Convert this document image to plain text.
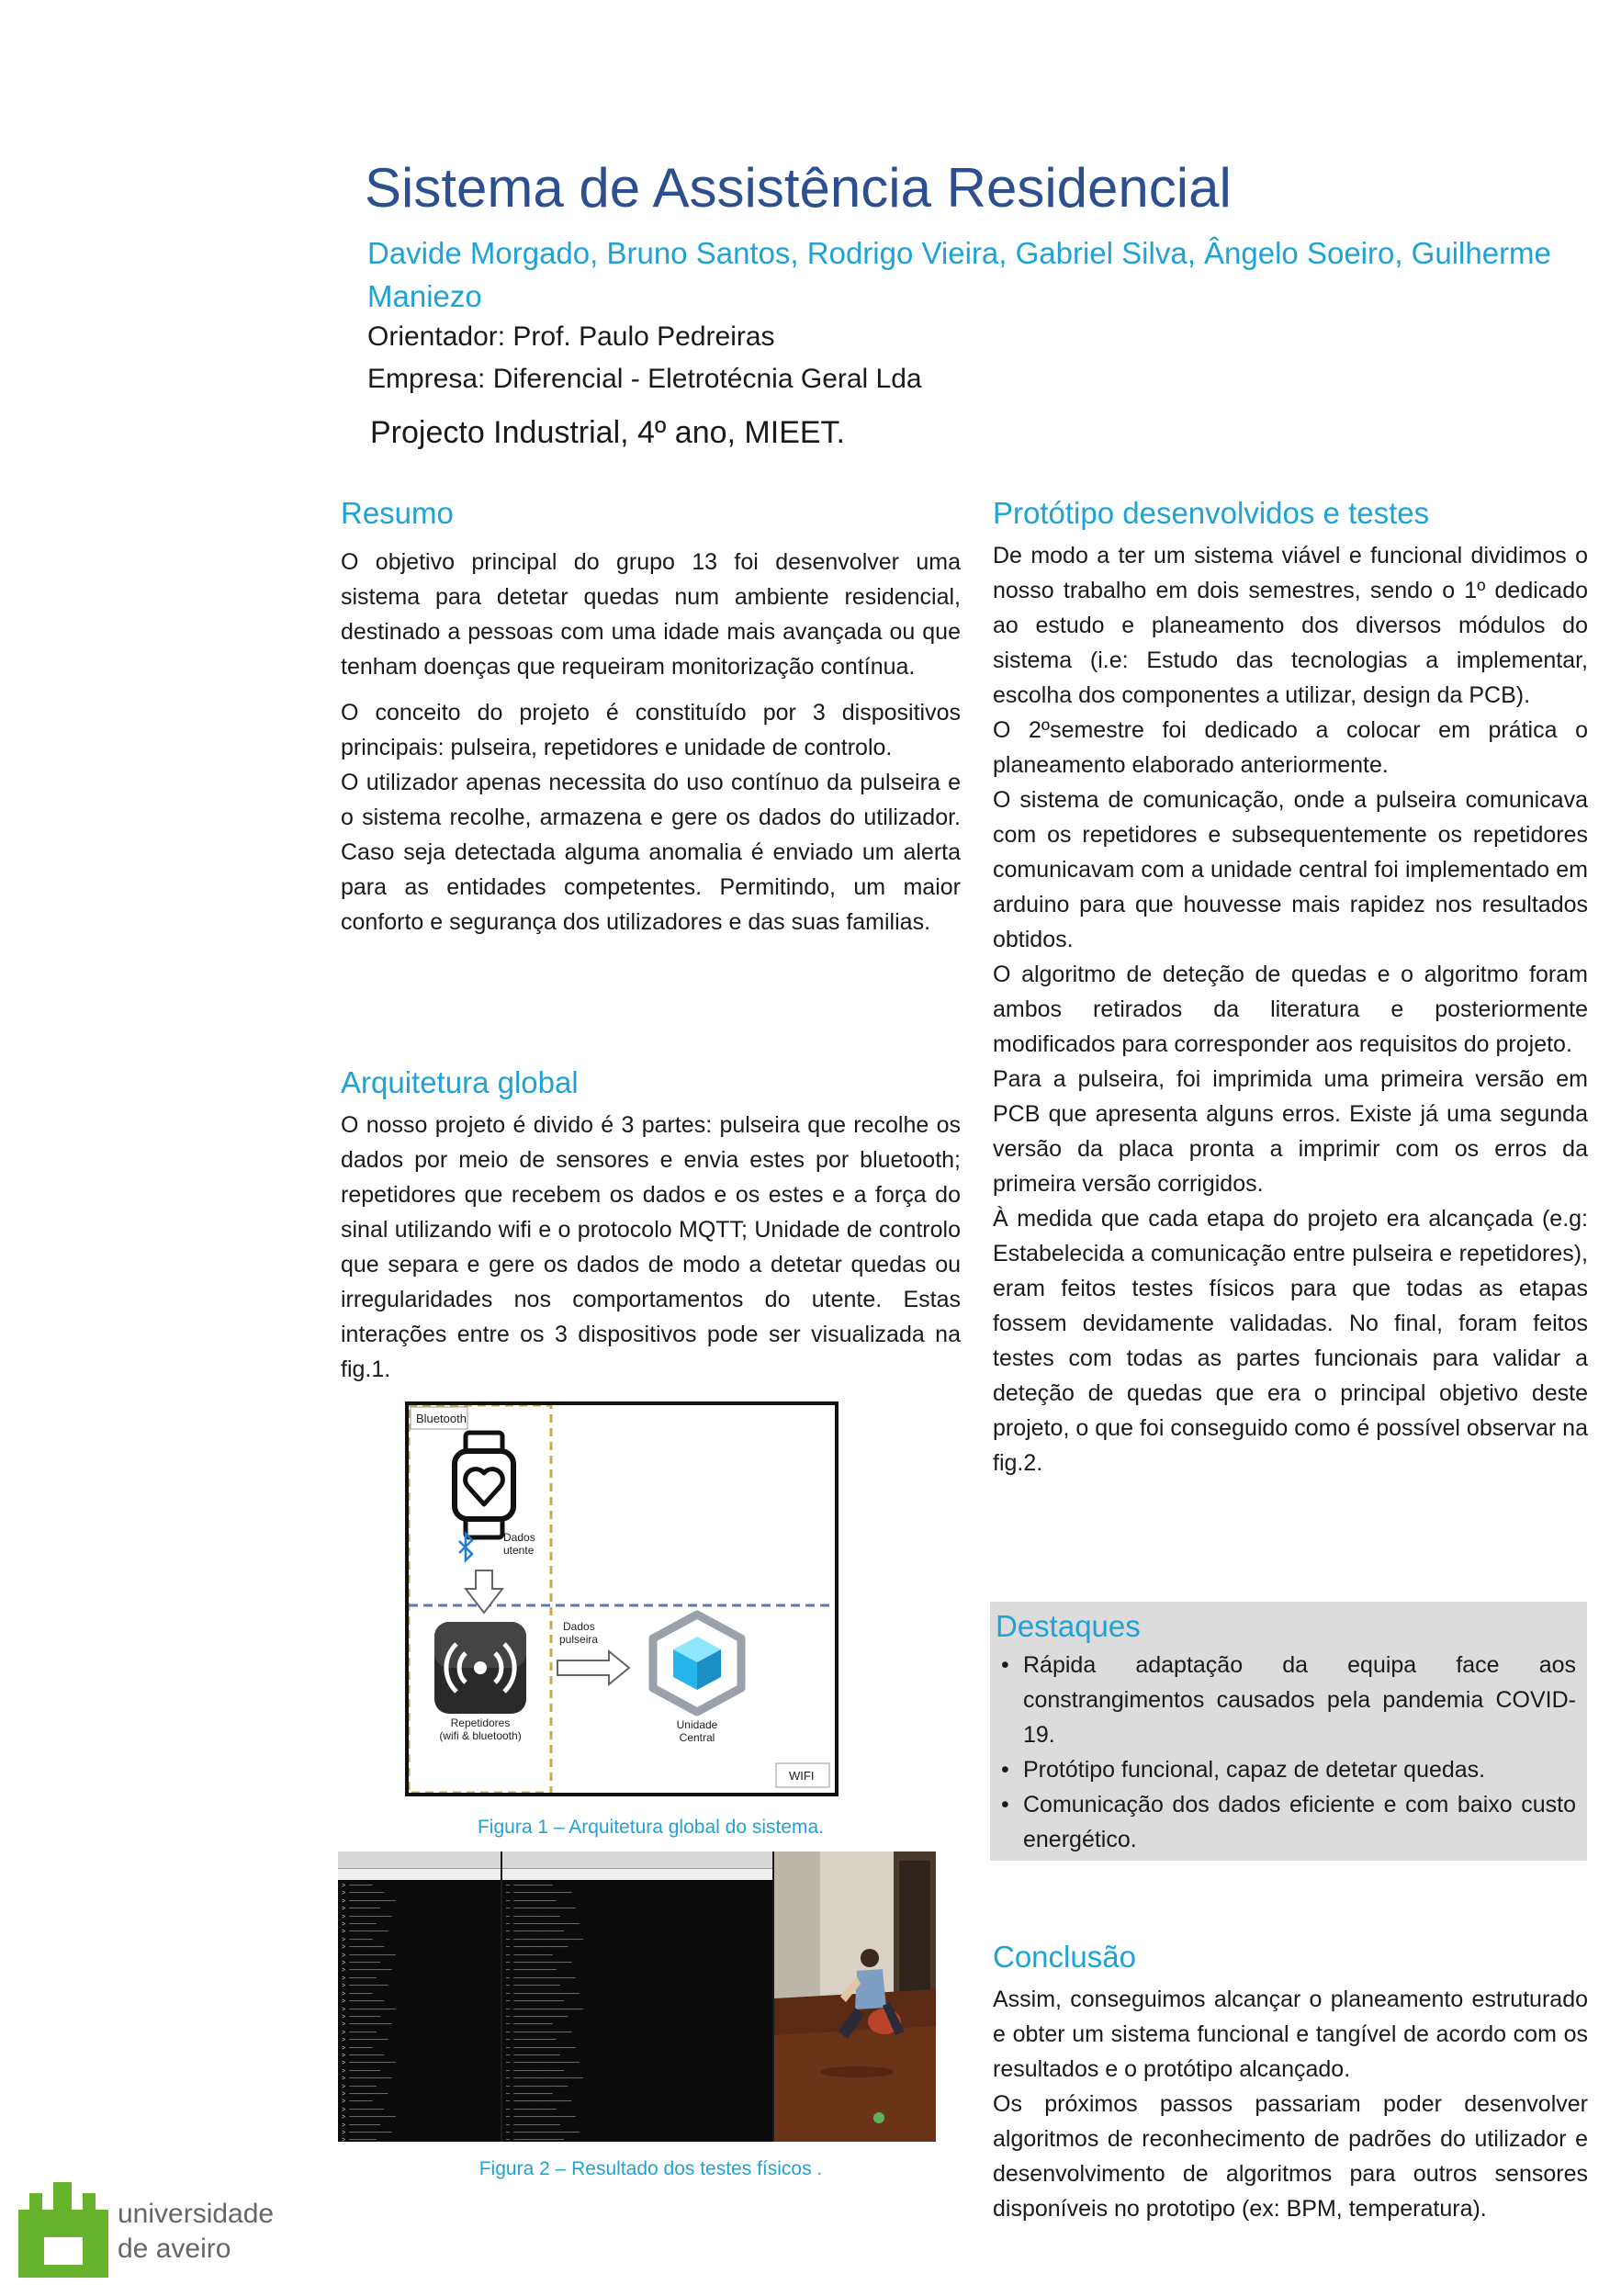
Sistema de Assistência Residencial
Davide Morgado, Bruno Santos, Rodrigo Vieira, Gabriel Silva, Ângelo Soeiro, Guilherme Maniezo
Orientador: Prof. Paulo Pedreiras
Empresa: Diferencial - Eletrotécnia Geral Lda
Projecto Industrial, 4º ano, MIEET.
Resumo

O objetivo principal do grupo 13 foi desenvolver uma sistema para detetar quedas num ambiente residencial, destinado a pessoas com uma idade mais avançada ou que tenham doenças que requeiram monitorização contínua.

O conceito do projeto é constituído por 3 dispositivos principais: pulseira, repetidores e unidade de controlo.

O utilizador apenas necessita do uso contínuo da pulseira e o sistema recolhe, armazena e gere os dados do utilizador. Caso seja detectada alguma anomalia é enviado um alerta para as entidades competentes. Permitindo, um maior conforto e segurança dos utilizadores e das suas familias.

Arquitetura global

O nosso projeto é divido é 3 partes: pulseira que recolhe os dados por meio de sensores e envia estes por bluetooth; repetidores que recebem os dados e os estes e a força do sinal utilizando wifi e o protocolo MQTT; Unidade de controlo que separa e gere os dados de modo a detetar quedas ou irregularidades nos comportamentos do utente. Estas interações entre os 3 dispositivos pode ser visualizada na fig.1.

Bluetooth
Dados
utente
Repetidores
(wifi & bluetooth)
Dados
pulseira
Unidade
Central
WIFI
Figura 1 – Arquitetura global do sistema.
> ──────
> ─────────
> ────────────
> ────────
> ───────────
> ───────
> ──────────
> ──────
> ─────────
> ────────────
> ────────
> ───────────
> ───────
> ──────────
> ──────
> ─────────
> ────────────
> ────────
> ───────────
> ───────
> ──────────
> ──────
> ─────────
> ────────────
> ────────
> ───────────
> ───────
> ──────────
> ──────
> ─────────
> ────────────
> ────────
> ───────────
> ───────

─ ──────────
─ ───────────────
─ ───────────
─ ────────────────
─ ────────────
─ ─────────────────
─ ─────────────
─ ──────────────────
─ ──────────────
─ ──────────
─ ───────────────
─ ───────────
─ ────────────────
─ ────────────
─ ─────────────────
─ ─────────────
─ ──────────────────
─ ──────────────
─ ──────────
─ ───────────────
─ ───────────
─ ────────────────
─ ────────────
─ ─────────────────
─ ─────────────
─ ──────────────────
─ ──────────────
─ ──────────
─ ───────────────
─ ───────────
─ ────────────────
─ ────────────
─ ─────────────────
─ ─────────────

Figura 2 – Resultado dos testes físicos .
Protótipo desenvolvidos e testes

De modo a ter um sistema viável e funcional dividimos o nosso trabalho em dois semestres, sendo o 1º dedicado ao estudo e planeamento dos diversos módulos do sistema (i.e: Estudo das tecnologias a implementar, escolha dos componentes a utilizar, design da PCB).

O 2ºsemestre foi dedicado a colocar em prática o planeamento elaborado anteriormente.

O sistema de comunicação, onde a pulseira comunicava com os repetidores e subsequentemente os repetidores comunicavam com a unidade central foi implementado em arduino para que houvesse mais rapidez nos resultados obtidos.

O algoritmo de deteção de quedas e o algoritmo foram ambos retirados da literatura e posteriormente modificados para corresponder aos requisitos do projeto.

Para a pulseira, foi imprimida uma primeira versão em PCB que apresenta alguns erros. Existe já uma segunda versão da placa pronta a imprimir com os erros da primeira versão corrigidos.

À medida que cada etapa do projeto era alcançada (e.g: Estabelecida a comunicação entre pulseira e repetidores), eram feitos testes físicos para que todas as etapas fossem devidamente validadas. No final, foram feitos testes com todas as partes funcionais para validar a deteção de quedas que era o principal objetivo deste projeto, o que foi conseguido como é possível observar na fig.2.

Destaques
• Rápida adaptação da equipa face aos constrangimentos causados pela pandemia COVID-19.
• Protótipo funcional, capaz de detetar quedas.
• Comunicação dos dados eficiente e com baixo custo energético.
Conclusão

Assim, conseguimos alcançar o planeamento estruturado e obter um sistema funcional e tangível de acordo com os resultados e o protótipo alcançado.

Os próximos passos passariam poder desenvolver algoritmos de reconhecimento de padrões do utilizador e desenvolvimento de algoritmos para outros sensores disponíveis no prototipo (ex: BPM, temperatura).

universidade
de aveiro
